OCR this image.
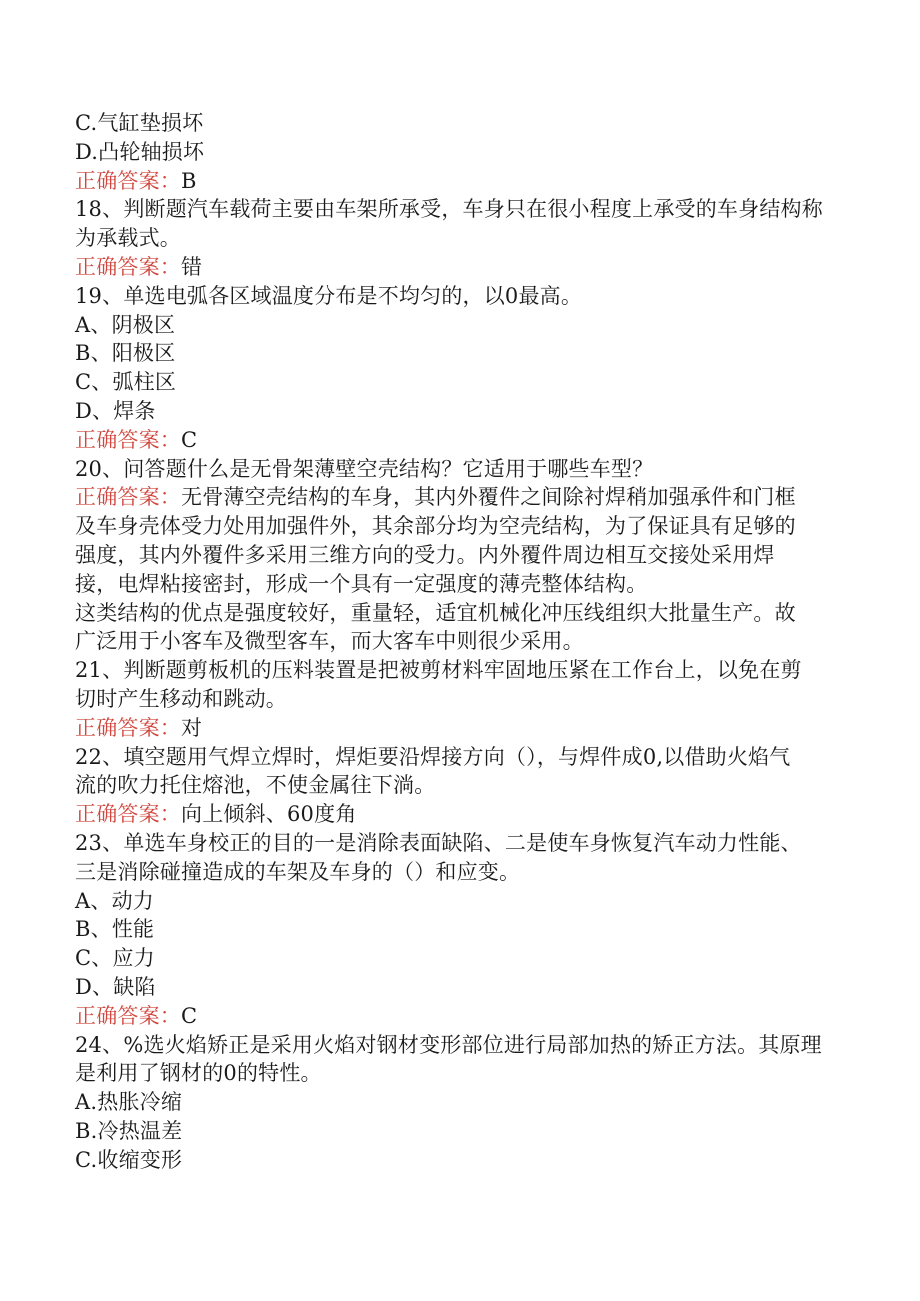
C.气缸垫损坏
D.凸轮轴损坏
正确答案：B
18、判断题汽车载荷主要由车架所承受，车身只在很小程度上承受的车身结构称
为承载式。
正确答案：错
19、单选电弧各区域温度分布是不均匀的，以0最高。
A、阴极区
B、阳极区
C、弧柱区
D、焊条
正确答案：C
20、问答题什么是无骨架薄壁空壳结构？它适用于哪些车型？
正确答案：无骨薄空壳结构的车身，其内外覆件之间除衬焊稍加强承件和门框
及车身壳体受力处用加强件外，其余部分均为空壳结构，为了保证具有足够的
强度，其内外覆件多采用三维方向的受力。内外覆件周边相互交接处采用焊
接，电焊粘接密封，形成一个具有一定强度的薄壳整体结构。
这类结构的优点是强度较好，重量轻，适宜机械化冲压线组织大批量生产。故
广泛用于小客车及微型客车，而大客车中则很少采用。
21、判断题剪板机的压料装置是把被剪材料牢固地压紧在工作台上，以免在剪
切时产生移动和跳动。
正确答案：对
22、填空题用气焊立焊时，焊炬要沿焊接方向（），与焊件成0,以借助火焰气
流的吹力托住熔池，不使金属往下淌。
正确答案：向上倾斜、60度角
23、单选车身校正的目的一是消除表面缺陷、二是使车身恢复汽车动力性能、
三是消除碰撞造成的车架及车身的（）和应变。
A、动力
B、性能
C、应力
D、缺陷
正确答案：C
24、%选火焰矫正是采用火焰对钢材变形部位进行局部加热的矫正方法。其原理
是利用了钢材的0的特性。
A.热胀冷缩
B.冷热温差
C.收缩变形
